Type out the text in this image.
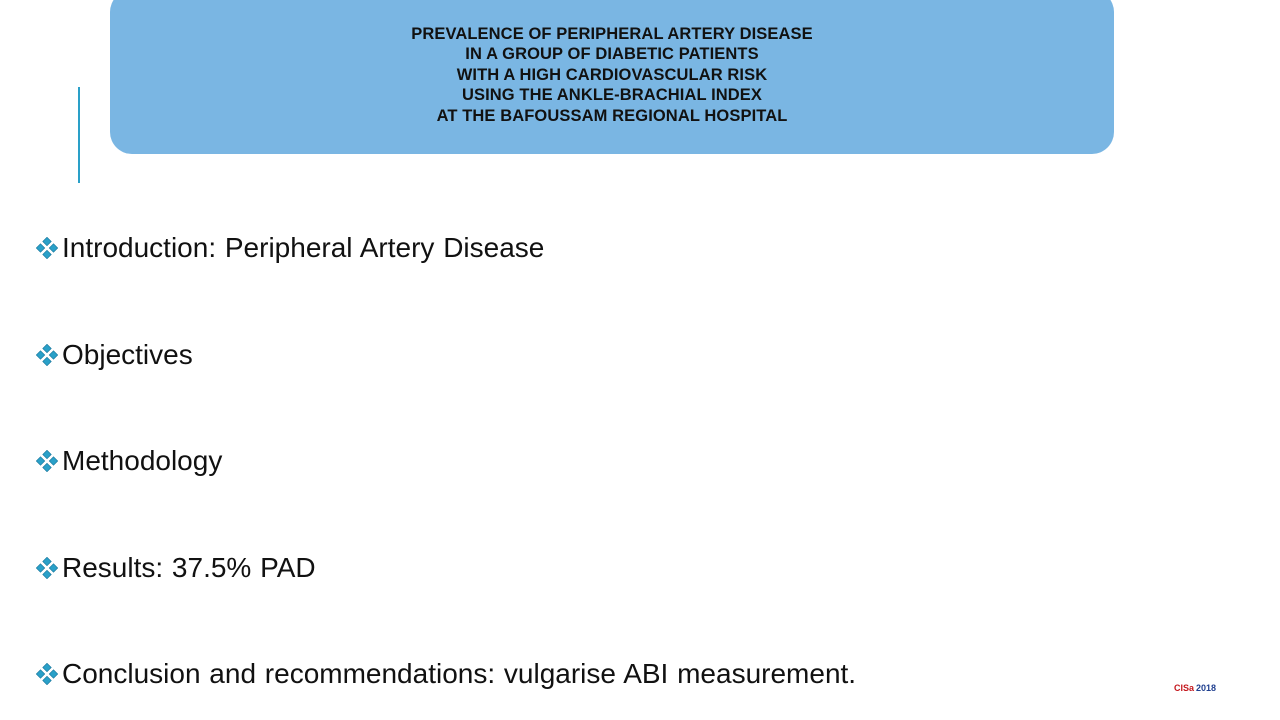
PREVALENCE OF PERIPHERAL ARTERY DISEASE
IN A GROUP OF DIABETIC PATIENTS
WITH A HIGH CARDIOVASCULAR RISK
USING THE ANKLE-BRACHIAL INDEX
AT THE BAFOUSSAM REGIONAL HOSPITAL
Introduction: Peripheral Artery Disease
Objectives
Methodology
Results: 37.5% PAD
Conclusion and recommendations: vulgarise ABI measurement.	CISa 2018
